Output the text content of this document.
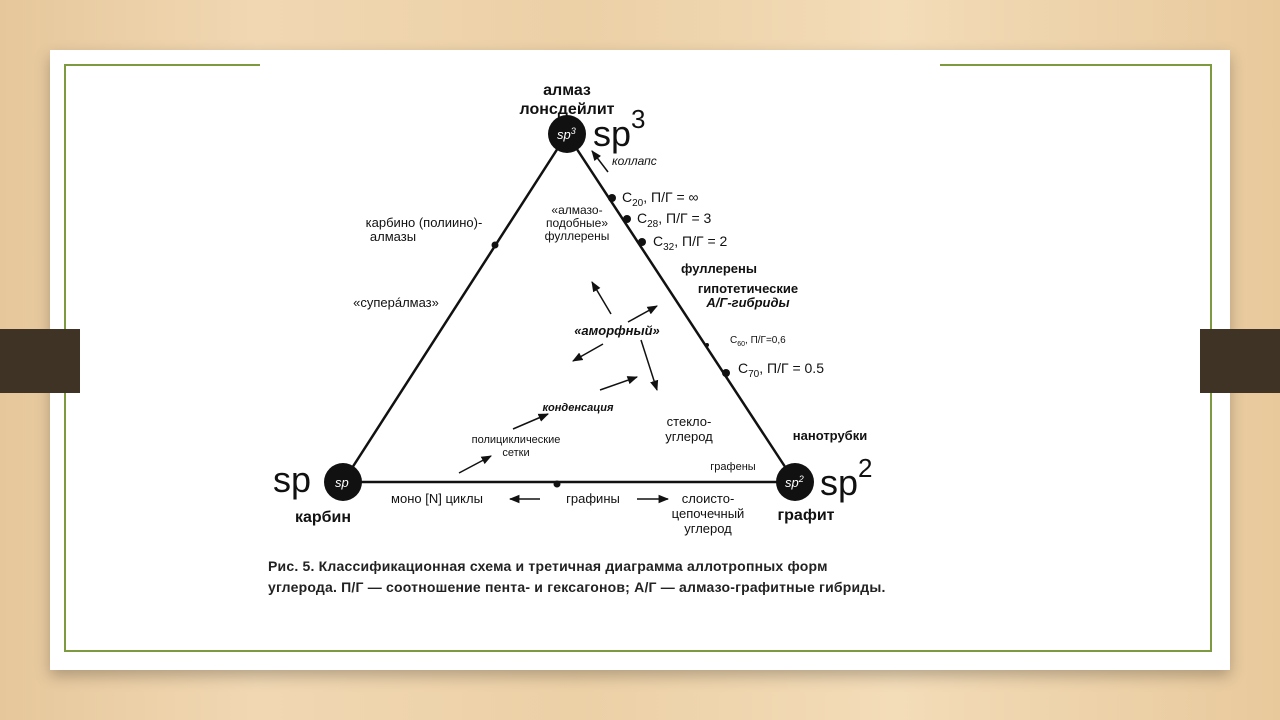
$sp^3$
sp	$sp^2$
$sp^3$
sp	$sp^2$
алмаз
лонсдейлит
карбин	графит
карбино (полиино)-
алмазы
«суперáлмаз»
коллапс
$C_{20}$, П/Г = ∞
$C_{28}$, П/Г = 3
$C_{32}$, П/Г = 2
фуллерены
гипотетические
А/Г-гибриды
$C_{60}$, П/Г=0,6
$C_{70}$, П/Г = 0.5
нанотрубки
графены
моно [N] циклы	графины	слоисто-
цепочечный
углерод
«алмазо-
подобные»
фуллерены
«аморфный»
конденсация
полициклические
сетки
стекло-
углерод
Рис. 5. Классификационная схема и третичная диаграмма аллотропных форм углерода. П/Г — соотношение пента- и гексагонов; А/Г — алмазо-графитные гибриды.
